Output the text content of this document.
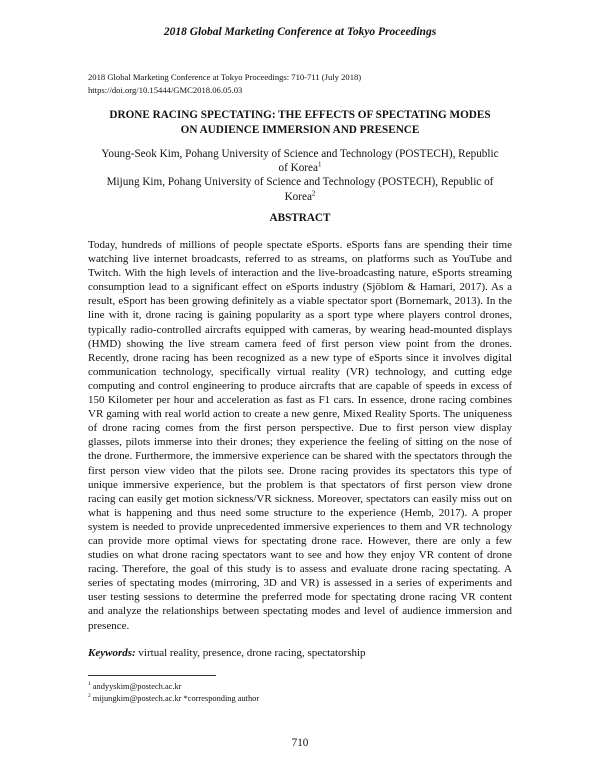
2018 Global Marketing Conference at Tokyo Proceedings
2018 Global Marketing Conference at Tokyo Proceedings: 710-711 (July 2018)
https://doi.org/10.15444/GMC2018.06.05.03
DRONE RACING SPECTATING: THE EFFECTS OF SPECTATING MODES
ON AUDIENCE IMMERSION AND PRESENCE
Young-Seok Kim, Pohang University of Science and Technology (POSTECH), Republic
of Korea$^1$
Mijung Kim, Pohang University of Science and Technology (POSTECH), Republic of
Korea$^2$
ABSTRACT
Today, hundreds of millions of people spectate eSports. eSports fans are spending their time watching live internet broadcasts, referred to as streams, on platforms such as YouTube and Twitch. With the high levels of interaction and the live-broadcasting nature, eSports streaming consumption lead to a significant effect on eSports industry (Sjöblom & Hamari, 2017). As a result, eSport has been growing definitely as a viable spectator sport (Bornemark, 2013). In the line with it, drone racing is gaining popularity as a sport type where players control drones, typically radio-controlled aircrafts equipped with cameras, by wearing head-mounted displays (HMD) showing the live stream camera feed of first person view point from the drones. Recently, drone racing has been recognized as a new type of eSports since it involves digital communication technology, specifically virtual reality (VR) technology, and cutting edge computing and control engineering to produce aircrafts that are capable of speeds in excess of 150 Kilometer per hour and acceleration as fast as F1 cars. In essence, drone racing combines VR gaming with real world action to create a new genre, Mixed Reality Sports. The uniqueness of drone racing comes from the first person perspective. Due to first person view display glasses, pilots immerse into their drones; they experience the feeling of sitting on the nose of the drone. Furthermore, the immersive experience can be shared with the spectators through the first person view video that the pilots see. Drone racing provides its spectators this type of unique immersive experience, but the problem is that spectators of first person view drone racing can easily get motion sickness/VR sickness. Moreover, spectators can easily miss out on what is happening and thus need some structure to the experience (Hemb, 2017). A proper system is needed to provide unprecedented immersive experiences to them and VR technology can provide more optimal views for spectating drone race. However, there are only a few studies on what drone racing spectators want to see and how they enjoy VR content of drone racing. Therefore, the goal of this study is to assess and evaluate drone racing spectating. A series of spectating modes (mirroring, 3D and VR) is assessed in a series of experiments and user testing sessions to determine the preferred mode for spectating drone racing VR content and analyze the relationships between spectating modes and level of audience immersion and presence.
Keywords: virtual reality, presence, drone racing, spectatorship
$^1$ andyyskim@postech.ac.kr
$^2$ mijungkim@postech.ac.kr *corresponding author
710
